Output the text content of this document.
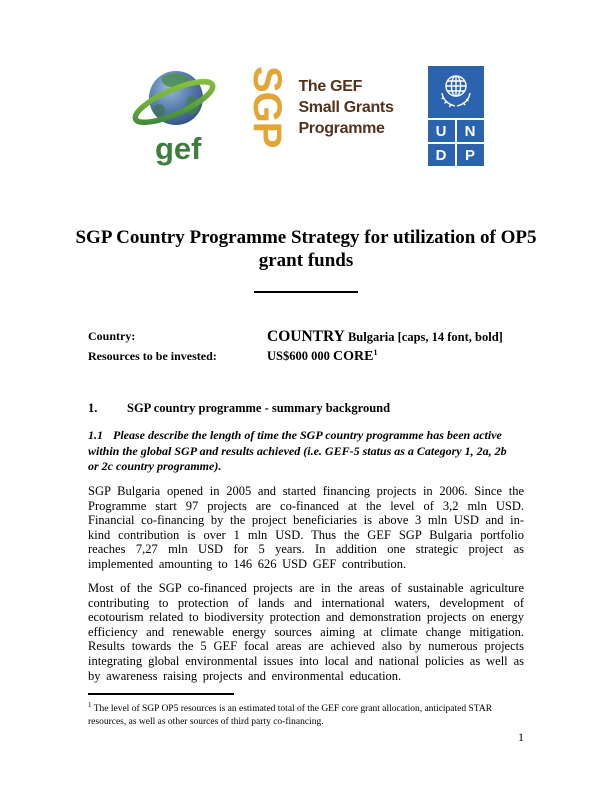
gef
SGP The GEF
Small Grants
Programme	U	N
D	P
SGP Country Programme Strategy for utilization of OP5 grant funds
Country:	COUNTRY Bulgaria [caps, 14 font, bold]
Resources to be invested:	US$600 000 CORE$^1$
1. SGP country programme - summary background

1.1 Please describe the length of time the SGP country programme has been active within the global SGP and results achieved (i.e. GEF-5 status as a Category 1, 2a, 2b or 2c country programme).

SGP Bulgaria opened in 2005 and started financing projects in 2006. Since the Programme start 97 projects are co-financed at the level of 3,2 mln USD. Financial co-financing by the project beneficiaries is above 3 mln USD and in-kind contribution is over 1 mln USD. Thus the GEF SGP Bulgaria portfolio reaches 7,27 mln USD for 5 years. In addition one strategic project as implemented amounting to 146 626 USD GEF contribution.

Most of the SGP co-financed projects are in the areas of sustainable agriculture contributing to protection of lands and international waters, development of ecotourism related to biodiversity protection and demonstration projects on energy efficiency and renewable energy sources aiming at climate change mitigation. Results towards the 5 GEF focal areas are achieved also by numerous projects integrating global environmental issues into local and national policies as well as by awareness raising projects and environmental education.

$^1$ The level of SGP OP5 resources is an estimated total of the GEF core grant allocation, anticipated STAR resources, as well as other sources of third party co-financing.

1
